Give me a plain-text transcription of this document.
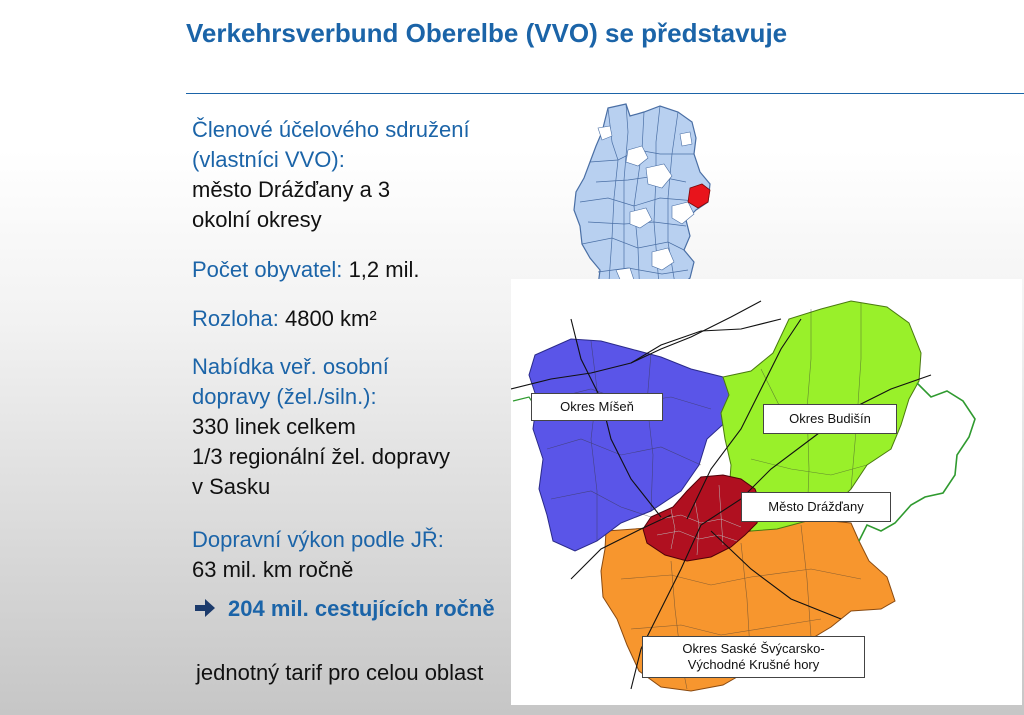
Verkehrsverbund Oberelbe (VVO) se představuje
Členové účelového sdružení
(vlastníci VVO):
město Drážďany a 3
okolní okresy
Počet obyvatel: 1,2 mil.
Rozloha: 4800 km²
Nabídka veř. osobní
dopravy (žel./siln.):
330 linek celkem
1/3 regionální žel. dopravy
v Sasku
Dopravní výkon podle JŘ:
63 mil. km ročně
204 mil. cestujících ročně
jednotný tarif pro celou oblast
Okres Míšeň
Okres Budišín
Město Drážďany
Okres Saské Švýcarsko-
Východné Krušné hory
